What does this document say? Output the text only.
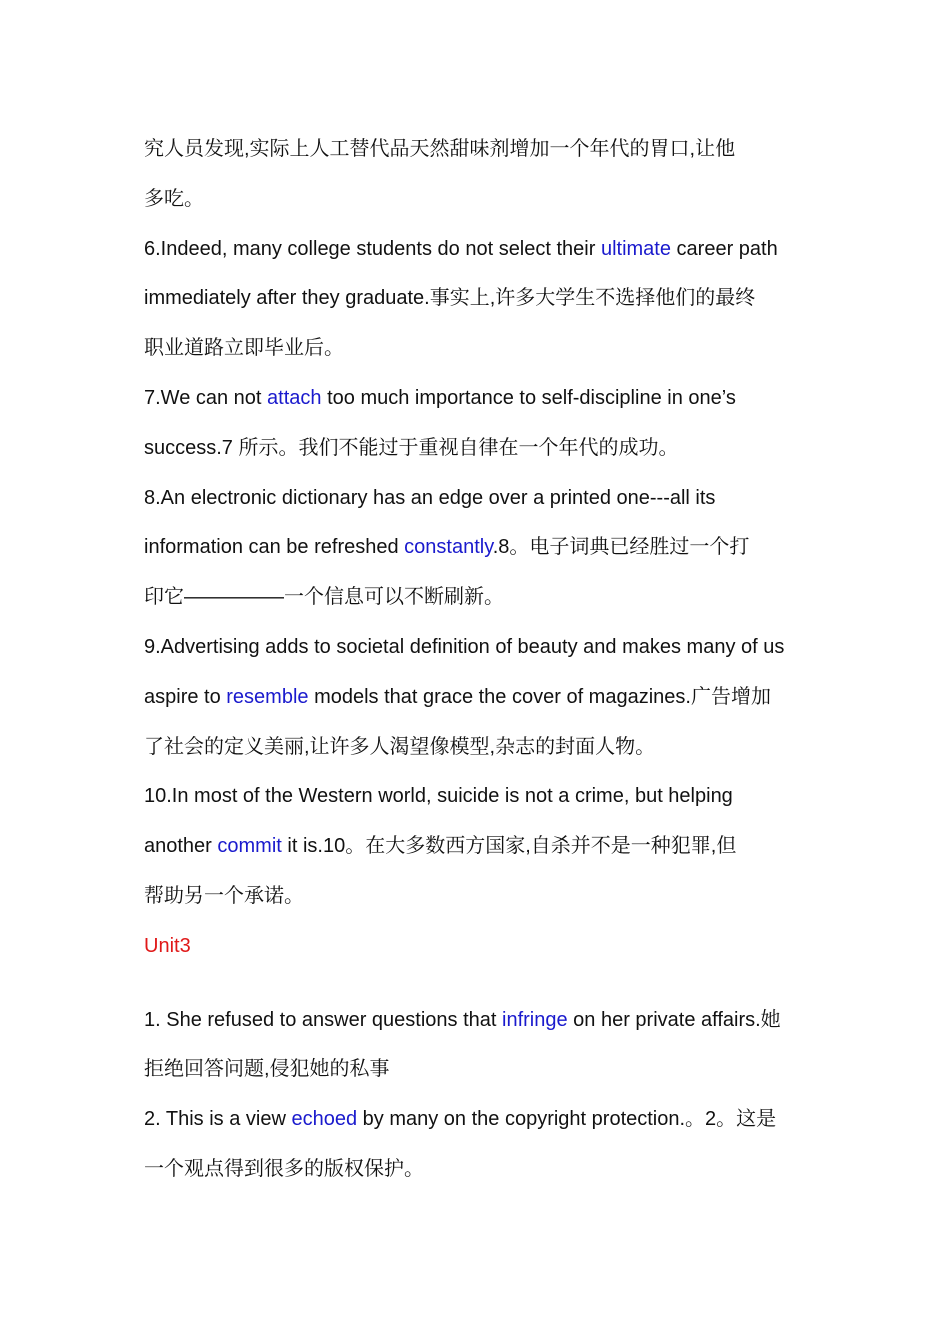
究人员发现,实际上人工替代品天然甜味剂增加一个年代的胃口,让他
多吃。
6.Indeed, many college students do not select their ultimate career path
immediately after they graduate.事实上,许多大学生不选择他们的最终
职业道路立即毕业后。
7.We can not attach too much importance to self-discipline in one’s
success.7 所示。我们不能过于重视自律在一个年代的成功。
8.An electronic dictionary has an edge over a printed one---all its
information can be refreshed constantly.8。电子词典已经胜过一个打
印它—————一个信息可以不断刷新。
9.Advertising adds to societal definition of beauty and makes many of us
aspire to resemble models that grace the cover of magazines.广告增加
了社会的定义美丽,让许多人渴望像模型,杂志的封面人物。
10.In most of the Western world, suicide is not a crime, but helping
another commit it is.10。在大多数西方国家,自杀并不是一种犯罪,但
帮助另一个承诺。
Unit3
1. She refused to answer questions that infringe on her private affairs.她
拒绝回答问题,侵犯她的私事
2. This is a view echoed by many on the copyright protection.。2。这是
一个观点得到很多的版权保护。
